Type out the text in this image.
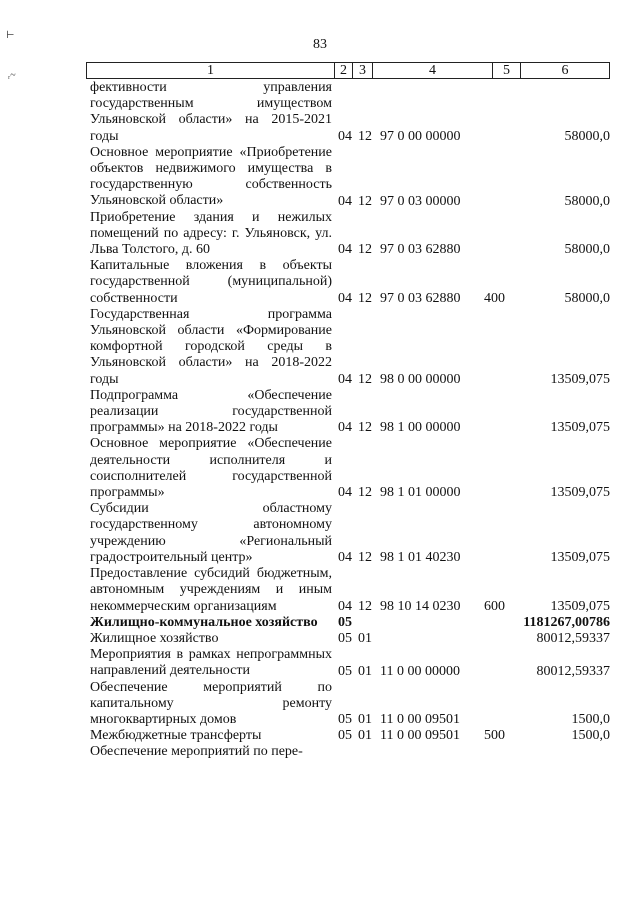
⊢
ᵣ~
83
1	2 3	4	5	6
фективности управления государственным имуществом Ульяновской области» на 2015-2021 годы	04 12 97 0 00 00000	58000,0
Основное мероприятие «Приобретение объектов недвижимого имущества в государственную собственность Ульяновской области»	04 12 97 0 03 00000	58000,0
Приобретение здания и нежилых помещений по адресу: г. Ульяновск, ул. Льва Толстого, д. 60	04 12 97 0 03 62880	58000,0
Капитальные вложения в объекты государственной (муниципальной) собственности	04 12 97 0 03 62880 400	58000,0
Государственная программа Ульяновской области «Формирование комфортной городской среды в Ульяновской области» на 2018-2022 годы	04 12 98 0 00 00000	13509,075
Подпрограмма «Обеспечение реализации государственной программы» на 2018-2022 годы	04 12 98 1 00 00000	13509,075
Основное мероприятие «Обеспечение деятельности исполнителя и соисполнителей государственной программы»	04 12 98 1 01 00000	13509,075
Субсидии областному государственному автономному учреждению «Региональный градостроительный центр»	04 12 98 1 01 40230	13509,075
Предоставление субсидий бюджетным, автономным учреждениям и иным некоммерческим организациям	04 12 98 10 14 0230 600	13509,075
Жилищно-коммунальное хозяйство	05	1181267,00786
Жилищное хозяйство	05 01	80012,59337
Мероприятия в рамках непрограммных направлений деятельности	05 01 11 0 00 00000	80012,59337
Обеспечение мероприятий по капитальному ремонту многоквартирных домов	05 01 11 0 00 09501	1500,0
Межбюджетные трансферты	05 01 11 0 00 09501 500	1500,0
Обеспечение мероприятий по пере-
